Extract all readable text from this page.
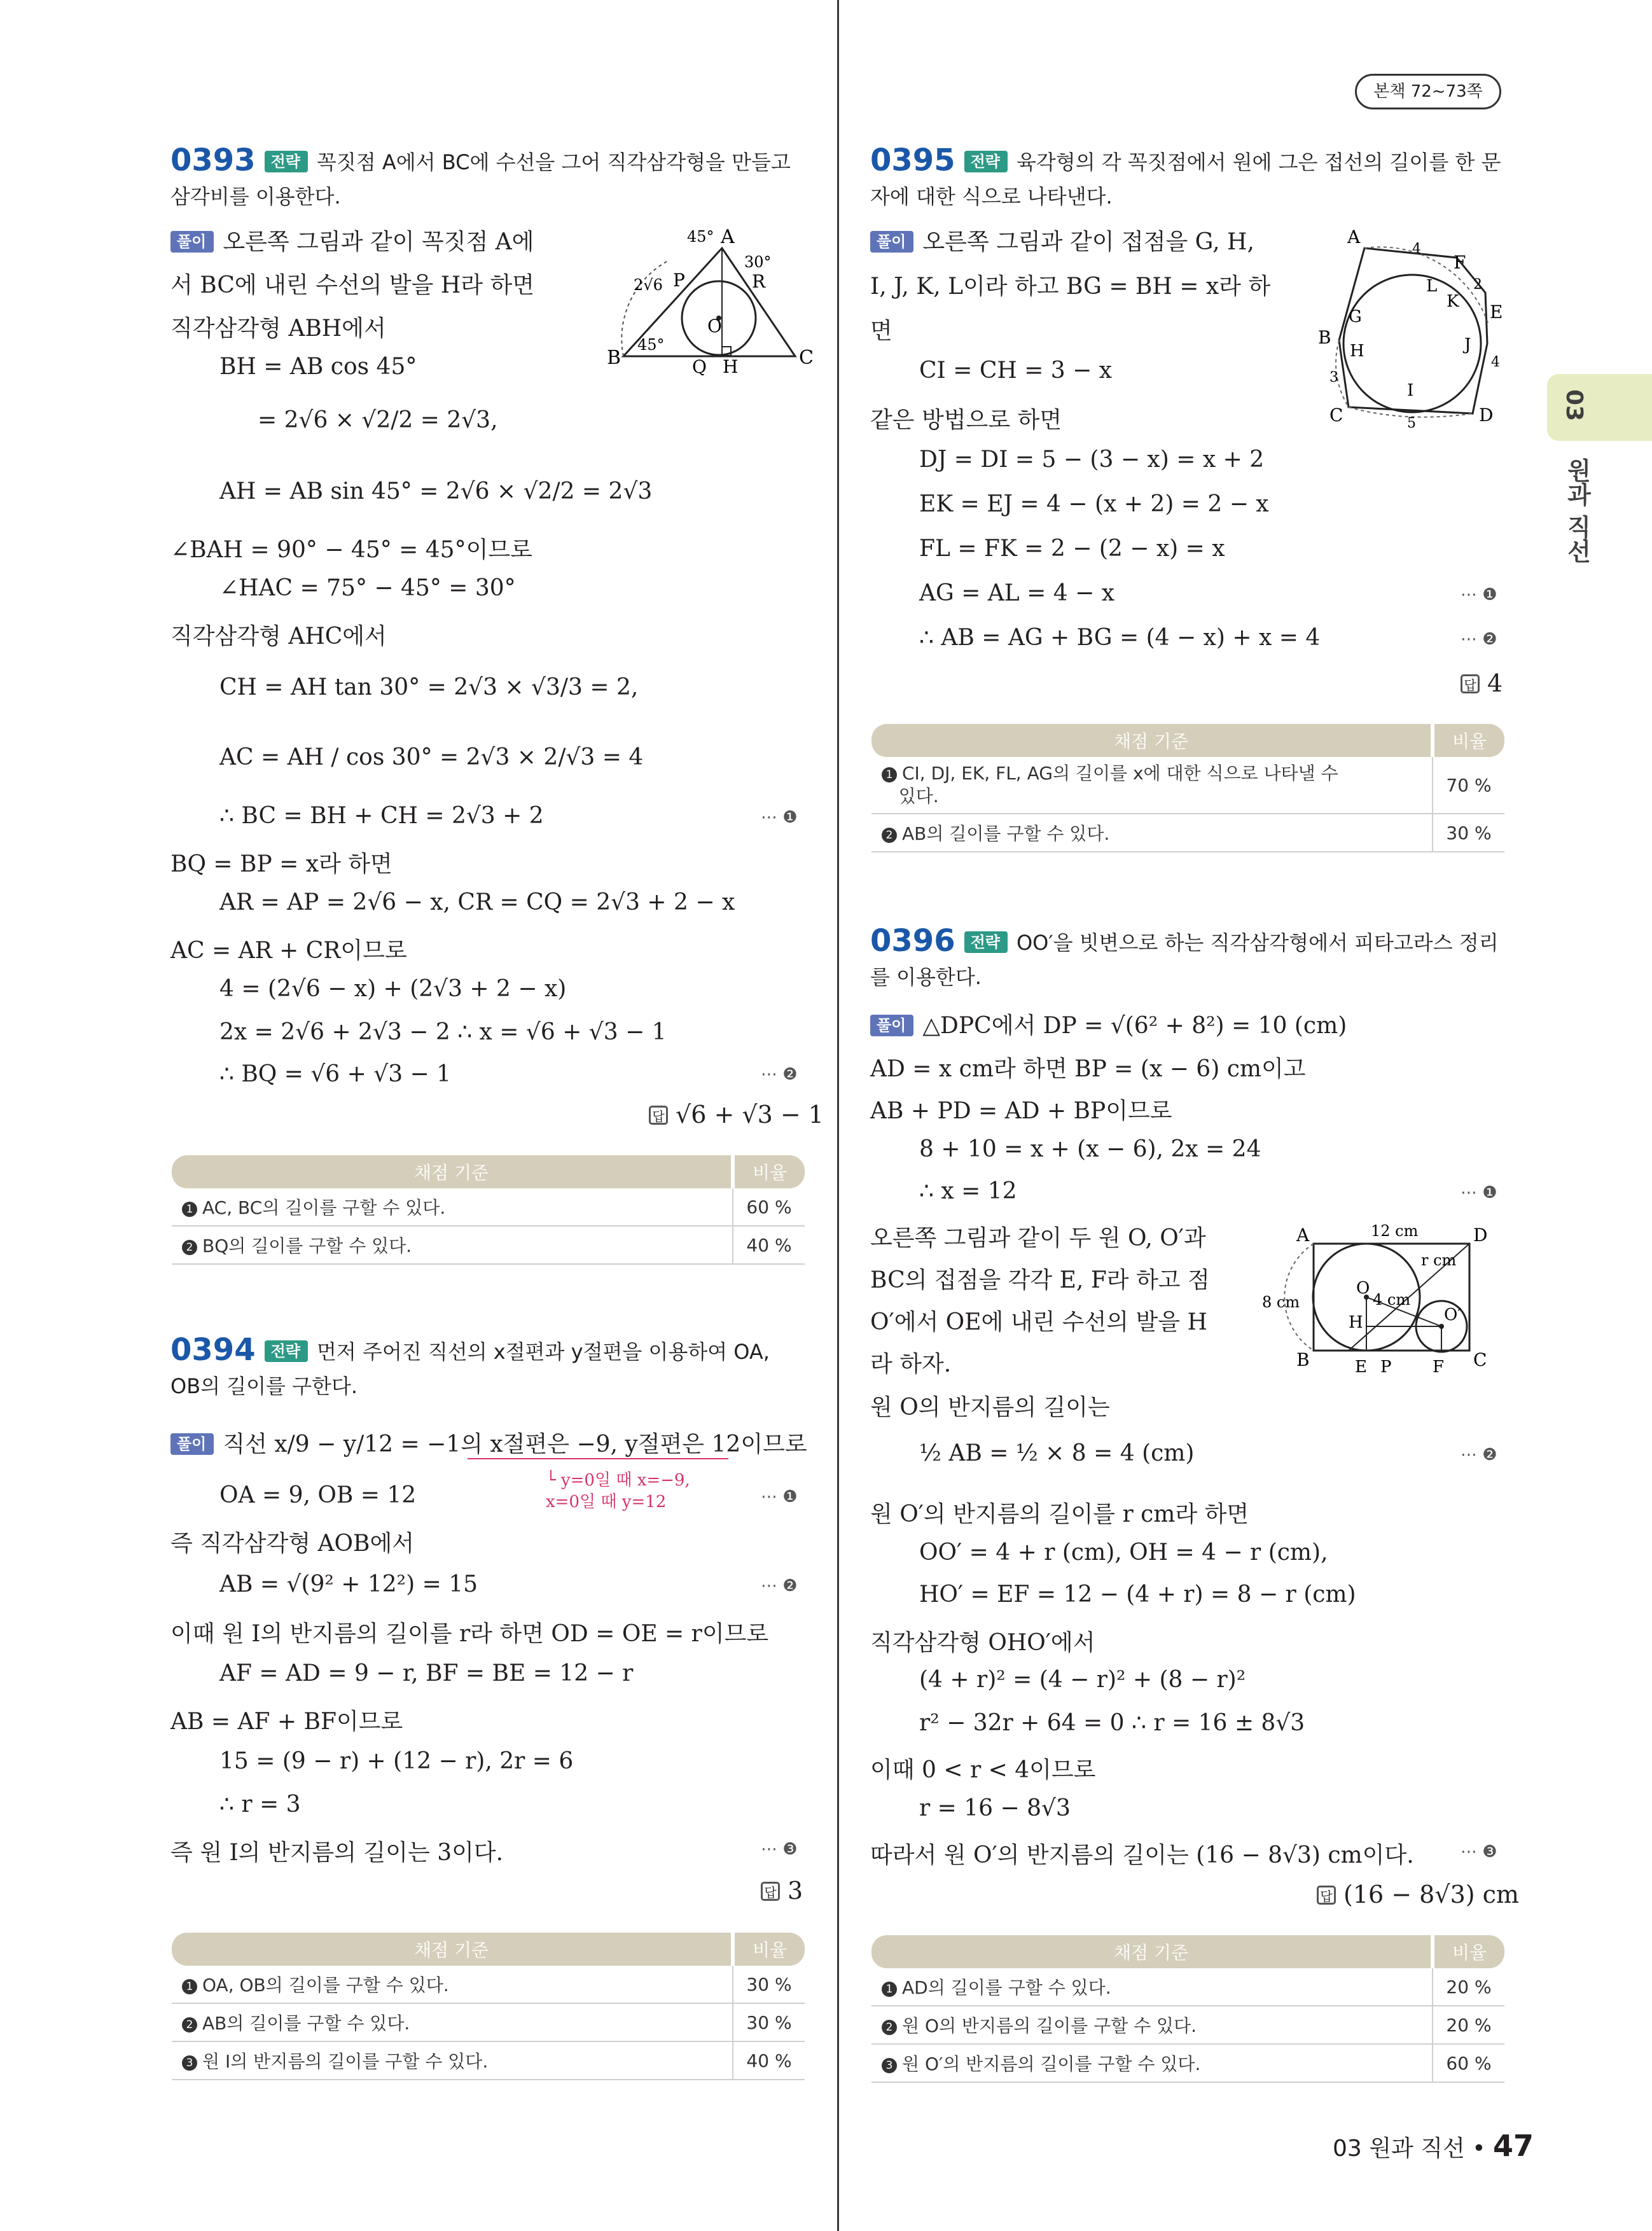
본책 72~73쪽
03
원과 직선
03 원과 직선 • 47
0393 전략 꼭짓점 A에서 BC에 수선을 그어 직각삼각형을 만들고
삼각비를 이용한다.
풀이 오른쪽 그림과 같이 꼭짓점 A에
서 BC에 내린 수선의 발을 H라 하면
직각삼각형 ABH에서
BH = AB cos 45°
= 2√6 × √2/2 = 2√3,
AH = AB sin 45° = 2√6 × √2/2 = 2√3
∠BAH = 90° − 45° = 45°이므로
∠HAC = 75° − 45° = 30°
직각삼각형 AHC에서
CH = AH tan 30° = 2√3 × √3/3 = 2,
AC = AH / cos 30° = 2√3 × 2/√3 = 4
∴ BC = BH + CH = 2√3 + 2	⋯ ❶
BQ = BP = x라 하면
AR = AP = 2√6 − x, CR = CQ = 2√3 + 2 − x
AC = AR + CR이므로
4 = (2√6 − x) + (2√3 + 2 − x)
2x = 2√6 + 2√3 − 2 ∴ x = √6 + √3 − 1
∴ BQ = √6 + √3 − 1	⋯ ❷
답 √6 + √3 − 1
A
B	C
H
O
P
Q
R
45°
30°
45°
2√6
채점 기준	비율
1 AC, BC의 길이를 구할 수 있다.	60 %
2 BQ의 길이를 구할 수 있다.	40 %
0394 전략 먼저 주어진 직선의 x절편과 y절편을 이용하여 OA,
OB의 길이를 구한다.
풀이 직선 x/9 − y/12 = −1의 x절편은 −9, y절편은 12이므로
└ y=0일 때 x=−9,
x=0일 때 y=12
OA = 9, OB = 12	⋯ ❶
즉 직각삼각형 AOB에서
AB = √(9² + 12²) = 15	⋯ ❷
이때 원 I의 반지름의 길이를 r라 하면 OD = OE = r이므로
AF = AD = 9 − r, BF = BE = 12 − r
AB = AF + BF이므로
15 = (9 − r) + (12 − r), 2r = 6
∴ r = 3
즉 원 I의 반지름의 길이는 3이다.	⋯ ❸
답 3
채점 기준	비율
1 OA, OB의 길이를 구할 수 있다.	30 %
2 AB의 길이를 구할 수 있다.	30 %
3 원 I의 반지름의 길이를 구할 수 있다.	40 %
0395 전략 육각형의 각 꼭짓점에서 원에 그은 접선의 길이를 한 문
자에 대한 식으로 나타낸다.
풀이 오른쪽 그림과 같이 접점을 G, H,
I, J, K, L이라 하고 BG = BH = x라 하
면
CI = CH = 3 − x
같은 방법으로 하면
DJ = DI = 5 − (3 − x) = x + 2
EK = EJ = 4 − (x + 2) = 2 − x
FL = FK = 2 − (2 − x) = x
AG = AL = 4 − x	⋯ ❶
∴ AB = AG + BG = (4 − x) + x = 4	⋯ ❷
답 4
A
B
C	D
E
F
G
H
I
J
K
L
4
2
4
5
3
채점 기준	비율
1 CI, DJ, EK, FL, AG의 길이를 x에 대한 식으로 나타낼 수
있다.	70 %
2 AB의 길이를 구할 수 있다.	30 %
0396 전략 OO′을 빗변으로 하는 직각삼각형에서 피타고라스 정리
를 이용한다.
풀이 △DPC에서 DP = √(6² + 8²) = 10 (cm)
AD = x cm라 하면 BP = (x − 6) cm이고
AB + PD = AD + BP이므로
8 + 10 = x + (x − 6), 2x = 24
∴ x = 12	⋯ ❶
오른쪽 그림과 같이 두 원 O, O′과
BC의 접점을 각각 E, F라 하고 점
O′에서 OE에 내린 수선의 발을 H
라 하자.
원 O의 반지름의 길이는
½ AB = ½ × 8 = 4 (cm)	⋯ ❷
원 O′의 반지름의 길이를 r cm라 하면
OO′ = 4 + r (cm), OH = 4 − r (cm),
HO′ = EF = 12 − (4 + r) = 8 − r (cm)
직각삼각형 OHO′에서
(4 + r)² = (4 − r)² + (8 − r)²
r² − 32r + 64 = 0 ∴ r = 16 ± 8√3
이때 0 < r < 4이므로
r = 16 − 8√3
따라서 원 O′의 반지름의 길이는 (16 − 8√3) cm이다.	⋯ ❸
답 (16 − 8√3) cm
A
B	C
D
E P F
H
O
O′
12 cm
8 cm
r cm
4 cm
채점 기준	비율
1 AD의 길이를 구할 수 있다.	20 %
2 원 O의 반지름의 길이를 구할 수 있다.	20 %
3 원 O′의 반지름의 길이를 구할 수 있다.	60 %
